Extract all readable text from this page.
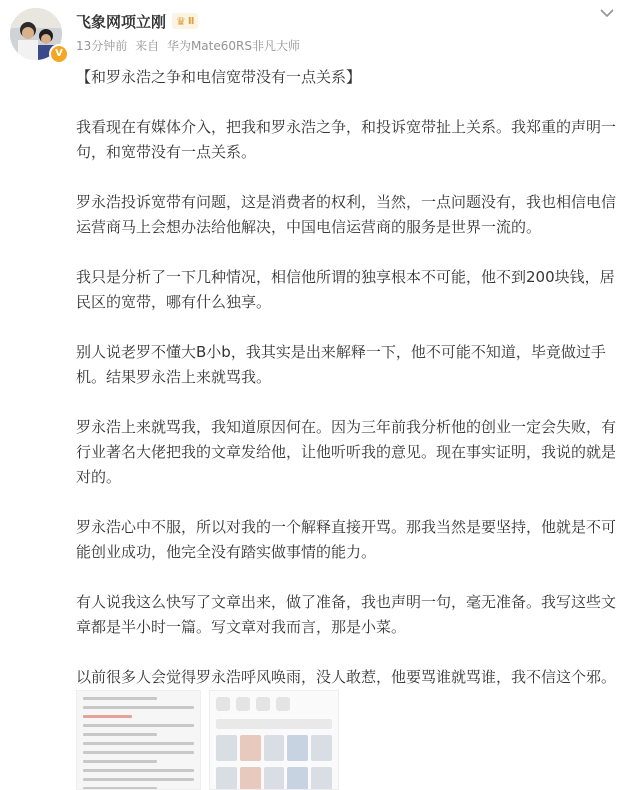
V
飞象网项立刚 ♛ Ⅱ
13分钟前 来自 华为Mate60RS非凡大师

【和罗永浩之争和电信宽带没有一点关系】

我看现在有媒体介入，把我和罗永浩之争，和投诉宽带扯上关系。我郑重的声明一句，和宽带没有一点关系。

罗永浩投诉宽带有问题，这是消费者的权利，当然，一点问题没有，我也相信电信运营商马上会想办法给他解决，中国电信运营商的服务是世界一流的。

我只是分析了一下几种情况，相信他所谓的独享根本不可能，他不到200块钱，居民区的宽带，哪有什么独享。

别人说老罗不懂大B小b，我其实是出来解释一下，他不可能不知道，毕竟做过手机。结果罗永浩上来就骂我。

罗永浩上来就骂我，我知道原因何在。因为三年前我分析他的创业一定会失败，有行业著名大佬把我的文章发给他，让他听听我的意见。现在事实证明，我说的就是对的。

罗永浩心中不服，所以对我的一个解释直接开骂。那我当然是要坚持，他就是不可能创业成功，他完全没有踏实做事情的能力。

有人说我这么快写了文章出来，做了准备，我也声明一句，毫无准备。我写这些文章都是半小时一篇。写文章对我而言，那是小菜。

以前很多人会觉得罗永浩呼风唤雨，没人敢惹，他要骂谁就骂谁，我不信这个邪。
